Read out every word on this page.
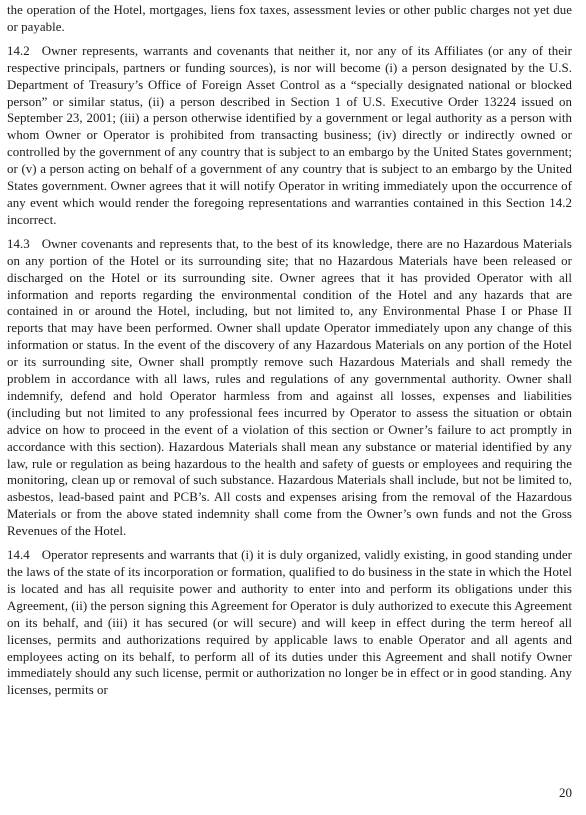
the operation of the Hotel, mortgages, liens fox taxes, assessment levies or other public charges not yet due or payable.

14.2 Owner represents, warrants and covenants that neither it, nor any of its Affiliates (or any of their respective principals, partners or funding sources), is nor will become (i) a person designated by the U.S. Department of Treasury’s Office of Foreign Asset Control as a “specially designated national or blocked person” or similar status, (ii) a person described in Section 1 of U.S. Executive Order 13224 issued on September 23, 2001; (iii) a person otherwise identified by a government or legal authority as a person with whom Owner or Operator is prohibited from transacting business; (iv) directly or indirectly owned or controlled by the government of any country that is subject to an embargo by the United States government; or (v) a person acting on behalf of a government of any country that is subject to an embargo by the United States government. Owner agrees that it will notify Operator in writing immediately upon the occurrence of any event which would render the foregoing representations and warranties contained in this Section 14.2 incorrect.

14.3 Owner covenants and represents that, to the best of its knowledge, there are no Hazardous Materials on any portion of the Hotel or its surrounding site; that no Hazardous Materials have been released or discharged on the Hotel or its surrounding site. Owner agrees that it has provided Operator with all information and reports regarding the environmental condition of the Hotel and any hazards that are contained in or around the Hotel, including, but not limited to, any Environmental Phase I or Phase II reports that may have been performed. Owner shall update Operator immediately upon any change of this information or status. In the event of the discovery of any Hazardous Materials on any portion of the Hotel or its surrounding site, Owner shall promptly remove such Hazardous Materials and shall remedy the problem in accordance with all laws, rules and regulations of any governmental authority. Owner shall indemnify, defend and hold Operator harmless from and against all losses, expenses and liabilities (including but not limited to any professional fees incurred by Operator to assess the situation or obtain advice on how to proceed in the event of a violation of this section or Owner’s failure to act promptly in accordance with this section). Hazardous Materials shall mean any substance or material identified by any law, rule or regulation as being hazardous to the health and safety of guests or employees and requiring the monitoring, clean up or removal of such substance. Hazardous Materials shall include, but not be limited to, asbestos, lead-based paint and PCB’s. All costs and expenses arising from the removal of the Hazardous Materials or from the above stated indemnity shall come from the Owner’s own funds and not the Gross Revenues of the Hotel.

14.4 Operator represents and warrants that (i) it is duly organized, validly existing, in good standing under the laws of the state of its incorporation or formation, qualified to do business in the state in which the Hotel is located and has all requisite power and authority to enter into and perform its obligations under this Agreement, (ii) the person signing this Agreement for Operator is duly authorized to execute this Agreement on its behalf, and (iii) it has secured (or will secure) and will keep in effect during the term hereof all licenses, permits and authorizations required by applicable laws to enable Operator and all agents and employees acting on its behalf, to perform all of its duties under this Agreement and shall notify Owner immediately should any such license, permit or authorization no longer be in effect or in good standing. Any licenses, permits or

20
